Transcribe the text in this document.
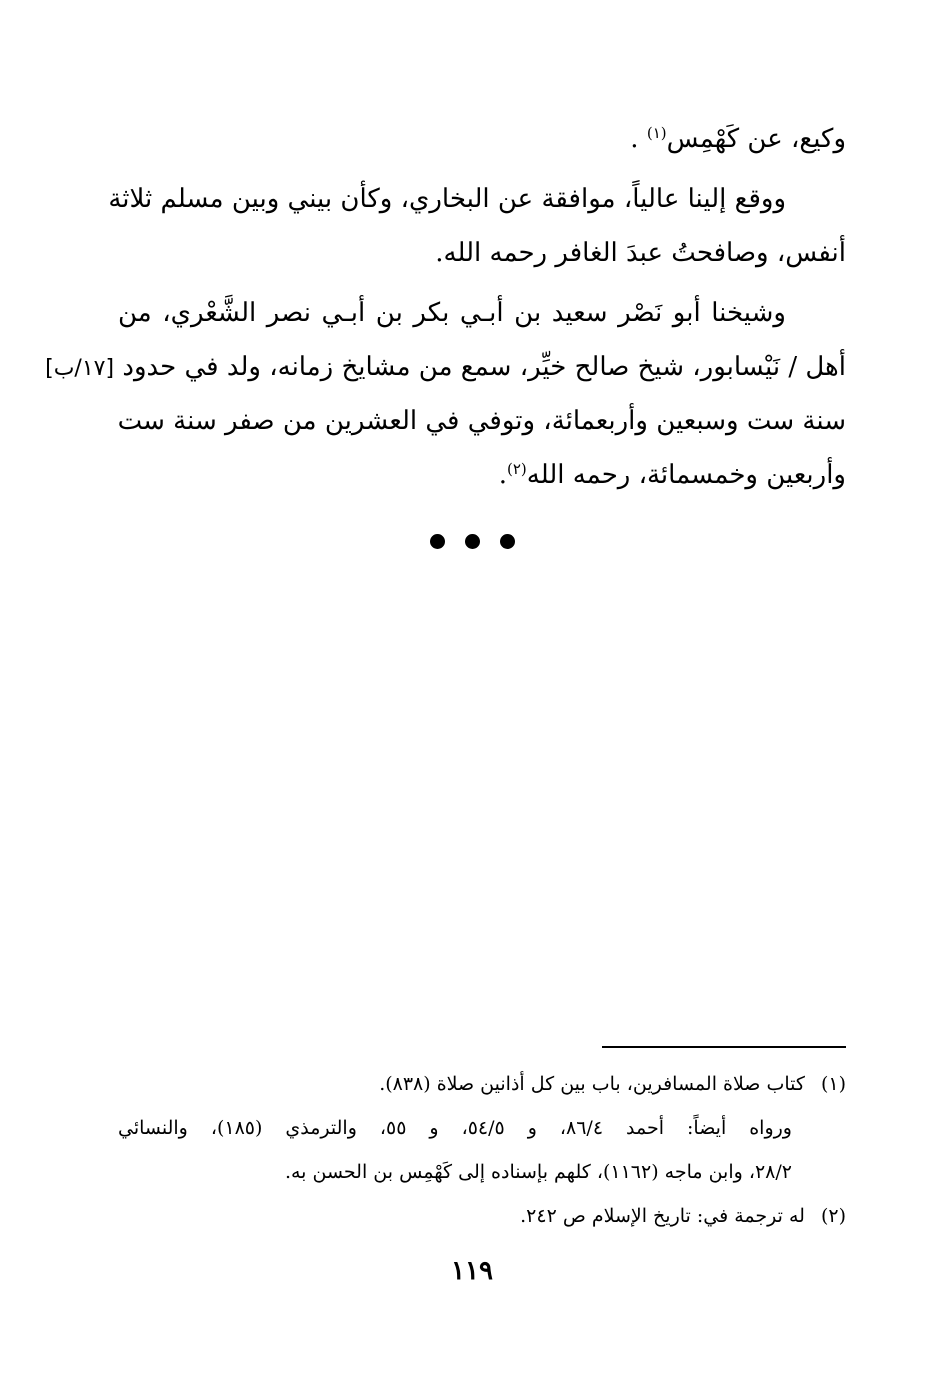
وكيع، عن كَهْمِس$^{(١)}$ .
ووقع إلينا عالياً، موافقة عن البخاري، وكأن بيني وبين مسلم ثلاثة
أنفس، وصافحتُ عبدَ الغافر رحمه الله.
وشيخنا أبو نَصْر سعيد بن أبـي بكر بن أبـي نصر الشَّعْري، من
أهل / نَيْسابور، شيخ صالح خيِّر، سمع من مشايخ زمانه، ولد في حدود [١٧/ب]
سنة ست وسبعين وأربعمائة، وتوفي في العشرين من صفر سنة ست
وأربعين وخمسمائة، رحمه الله$^{(٢)}$.
(١)كتاب صلاة المسافرين، باب بين كل أذانين صلاة (٨٣٨).
ورواه أيضاً: أحمد ٨٦/٤، و ٥٤/٥، و ٥٥، والترمذي (١٨٥)، والنسائي
٢٨/٢، وابن ماجه (١١٦٢)، كلهم بإسناده إلى كَهْمِس بن الحسن به.
(٢)له ترجمة في: تاريخ الإسلام ص ٢٤٢.
١١٩
